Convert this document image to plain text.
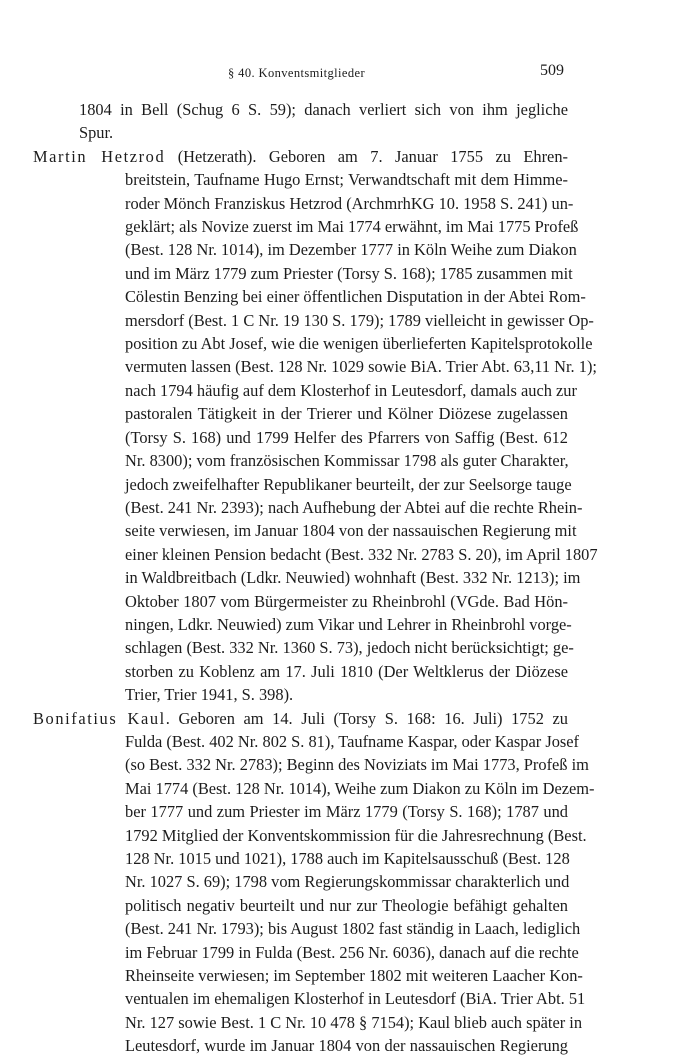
§ 40. Konventsmitglieder	509
1804 in Bell (Schug 6 S. 59); danach verliert sich von ihm jegliche
Spur.
Martin Hetzrod (Hetzerath). Geboren am 7. Januar 1755 zu Ehren-
breitstein, Taufname Hugo Ernst; Verwandtschaft mit dem Himme-
roder Mönch Franziskus Hetzrod (ArchmrhKG 10. 1958 S. 241) un-
geklärt; als Novize zuerst im Mai 1774 erwähnt, im Mai 1775 Profeß
(Best. 128 Nr. 1014), im Dezember 1777 in Köln Weihe zum Diakon
und im März 1779 zum Priester (Torsy S. 168); 1785 zusammen mit
Cölestin Benzing bei einer öffentlichen Disputation in der Abtei Rom-
mersdorf (Best. 1 C Nr. 19 130 S. 179); 1789 vielleicht in gewisser Op-
position zu Abt Josef, wie die wenigen überlieferten Kapitelsprotokolle
vermuten lassen (Best. 128 Nr. 1029 sowie BiA. Trier Abt. 63,11 Nr. 1);
nach 1794 häufig auf dem Klosterhof in Leutesdorf, damals auch zur
pastoralen Tätigkeit in der Trierer und Kölner Diözese zugelassen
(Torsy S. 168) und 1799 Helfer des Pfarrers von Saffig (Best. 612
Nr. 8300); vom französischen Kommissar 1798 als guter Charakter,
jedoch zweifelhafter Republikaner beurteilt, der zur Seelsorge tauge
(Best. 241 Nr. 2393); nach Aufhebung der Abtei auf die rechte Rhein-
seite verwiesen, im Januar 1804 von der nassauischen Regierung mit
einer kleinen Pension bedacht (Best. 332 Nr. 2783 S. 20), im April 1807
in Waldbreitbach (Ldkr. Neuwied) wohnhaft (Best. 332 Nr. 1213); im
Oktober 1807 vom Bürgermeister zu Rheinbrohl (VGde. Bad Hön-
ningen, Ldkr. Neuwied) zum Vikar und Lehrer in Rheinbrohl vorge-
schlagen (Best. 332 Nr. 1360 S. 73), jedoch nicht berücksichtigt; ge-
storben zu Koblenz am 17. Juli 1810 (Der Weltklerus der Diözese
Trier, Trier 1941, S. 398).
Bonifatius Kaul. Geboren am 14. Juli (Torsy S. 168: 16. Juli) 1752 zu
Fulda (Best. 402 Nr. 802 S. 81), Taufname Kaspar, oder Kaspar Josef
(so Best. 332 Nr. 2783); Beginn des Noviziats im Mai 1773, Profeß im
Mai 1774 (Best. 128 Nr. 1014), Weihe zum Diakon zu Köln im Dezem-
ber 1777 und zum Priester im März 1779 (Torsy S. 168); 1787 und
1792 Mitglied der Konventskommission für die Jahresrechnung (Best.
128 Nr. 1015 und 1021), 1788 auch im Kapitelsausschuß (Best. 128
Nr. 1027 S. 69); 1798 vom Regierungskommissar charakterlich und
politisch negativ beurteilt und nur zur Theologie befähigt gehalten
(Best. 241 Nr. 1793); bis August 1802 fast ständig in Laach, lediglich
im Februar 1799 in Fulda (Best. 256 Nr. 6036), danach auf die rechte
Rheinseite verwiesen; im September 1802 mit weiteren Laacher Kon-
ventualen im ehemaligen Klosterhof in Leutesdorf (BiA. Trier Abt. 51
Nr. 127 sowie Best. 1 C Nr. 10 478 § 7154); Kaul blieb auch später in
Leutesdorf, wurde im Januar 1804 von der nassauischen Regierung
